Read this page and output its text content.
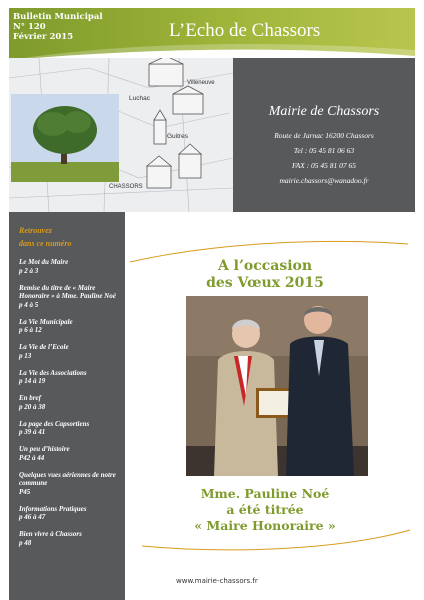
Bulletin Municipal
N° 120
Février 2015	L’Echo de Chassors
Villeneuve
Luchac
Guitres
CHASSORS
Mairie de Chassors
Route de Jarnac 16200 Chassors
Tel : 05 45 81 06 63
FAX : 05 45 81 07 65
mairie.chassors@wanadoo.fr
Retrouvez
dans ce numéro
Le Mot du Maire
p 2 à 3
Remise du titre de « Maire Honoraire » à Mme. Pauline Noé
p 4 à 5
La Vie Municipale
p 6 à 12
La Vie de l’Ecole
p 13
La Vie des Associations
p 14 à 19
En bref
p 20 à 38
La page des Capsortiens
p 39 à 41
Un peu d’histoire
P42 à 44
Quelques vues aériennes de notre commune
P45
Informations Pratiques
p 46 à 47
Bien vivre à Chassors
p 48
A l’occasion
des Vœux 2015
Mme. Pauline Noé
a été titrée
« Maire Honoraire »
www.mairie-chassors.fr
